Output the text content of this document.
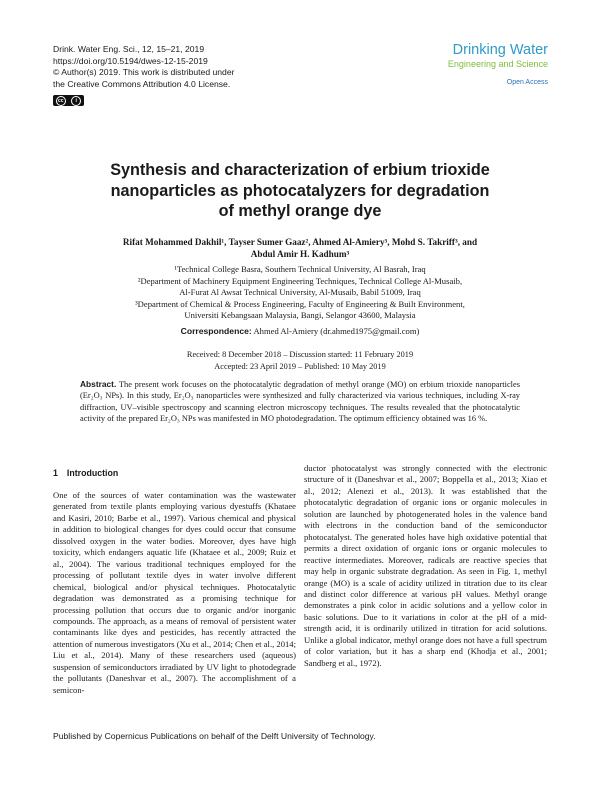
Drink. Water Eng. Sci., 12, 15–21, 2019
https://doi.org/10.5194/dwes-12-15-2019
© Author(s) 2019. This work is distributed under
the Creative Commons Attribution 4.0 License.
cc	i
Drinking Water
Engineering and Science
Open Access
Synthesis and characterization of erbium trioxide
nanoparticles as photocatalyzers for degradation
of methyl orange dye
Rifat Mohammed Dakhil¹, Tayser Sumer Gaaz², Ahmed Al-Amiery³, Mohd S. Takriff³, and
Abdul Amir H. Kadhum³
¹Technical College Basra, Southern Technical University, Al Basrah, Iraq
²Department of Machinery Equipment Engineering Techniques, Technical College Al-Musaib,
Al-Furat Al Awsat Technical University, Al-Musaib, Babil 51009, Iraq
³Department of Chemical & Process Engineering, Faculty of Engineering & Built Environment,
Universiti Kebangsaan Malaysia, Bangi, Selangor 43600, Malaysia
Correspondence: Ahmed Al-Amiery (dr.ahmed1975@gmail.com)
Received: 8 December 2018 – Discussion started: 11 February 2019
Accepted: 23 April 2019 – Published: 10 May 2019
Abstract. The present work focuses on the photocatalytic degradation of methyl orange (MO) on erbium trioxide nanoparticles (Er₂O₃ NPs). In this study, Er₂O₃ nanoparticles were synthesized and fully characterized via various techniques, including X-ray diffraction, UV–visible spectroscopy and scanning electron microscopy techniques. The results revealed that the photocatalytic activity of the prepared Er₂O₃ NPs was manifested in MO photodegradation. The optimum efficiency obtained was 16 %.
1 Introduction
One of the sources of water contamination was the wastewater generated from textile plants employing various dyestuffs (Khataee and Kasiri, 2010; Barbe et al., 1997). Various chemical and physical in addition to biological changes for dyes could occur that consume dissolved oxygen in the water bodies. Moreover, dyes have high toxicity, which endangers aquatic life (Khataee et al., 2009; Ruiz et al., 2004). The various traditional techniques employed for the processing of pollutant textile dyes in water involve different chemical, biological and/or physical techniques. Photocatalytic degradation was demonstrated as a promising technique for processing pollution that occurs due to organic and/or inorganic compounds. The approach, as a means of removal of persistent water contaminants like dyes and pesticides, has recently attracted the attention of numerous investigators (Xu et al., 2014; Chen et al., 2014; Liu et al., 2014). Many of these researchers used (aqueous) suspension of semiconductors irradiated by UV light to photodegrade the pollutants (Daneshvar et al., 2007). The accomplishment of a semicon-
ductor photocatalyst was strongly connected with the electronic structure of it (Daneshvar et al., 2007; Boppella et al., 2013; Xiao et al., 2012; Alenezi et al., 2013). It was established that the photocatalytic degradation of organic ions or organic molecules in solution are launched by photogenerated holes in the valence band with electrons in the conduction band of the semiconductor photocatalyst. The generated holes have high oxidative potential that permits a direct oxidation of organic ions or organic molecules to reactive intermediates. Moreover, radicals are reactive species that may help in organic substrate degradation. As seen in Fig. 1, methyl orange (MO) is a scale of acidity utilized in titration due to its clear and distinct color difference at various pH values. Methyl orange demonstrates a pink color in acidic solutions and a yellow color in basic solutions. Due to it variations in color at the pH of a mid-strength acid, it is ordinarily utilized in titration for acid solutions. Unlike a global indicator, methyl orange does not have a full spectrum of color variation, but it has a sharp end (Khodja et al., 2001; Sandberg et al., 1972).
Published by Copernicus Publications on behalf of the Delft University of Technology.
